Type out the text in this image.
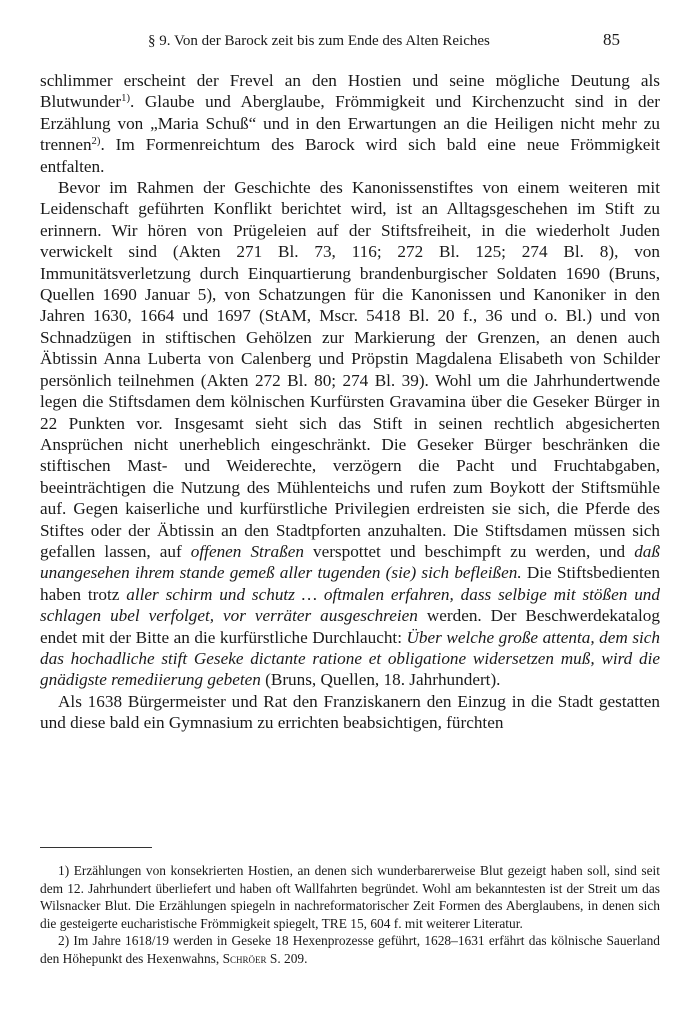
§ 9. Von der Barock zeit bis zum Ende des Alten Reiches	85

schlimmer erscheint der Frevel an den Hostien und seine mögliche Deutung als Blutwunder$^{1)}$. Glaube und Aberglaube, Frömmigkeit und Kirchenzucht sind in der Erzählung von „Maria Schuß“ und in den Erwartungen an die Heiligen nicht mehr zu trennen$^{2)}$. Im Formenreichtum des Barock wird sich bald eine neue Frömmigkeit entfalten.

Bevor im Rahmen der Geschichte des Kanonissenstiftes von einem weiteren mit Leidenschaft geführten Konflikt berichtet wird, ist an Alltagsgeschehen im Stift zu erinnern. Wir hören von Prügeleien auf der Stiftsfreiheit, in die wiederholt Juden verwickelt sind (Akten 271 Bl. 73, 116; 272 Bl. 125; 274 Bl. 8), von Immunitätsverletzung durch Einquartierung brandenburgischer Soldaten 1690 (Bruns, Quellen 1690 Januar 5), von Schatzungen für die Kanonissen und Kanoniker in den Jahren 1630, 1664 und 1697 (StAM, Mscr. 5418 Bl. 20 f., 36 und o. Bl.) und von Schnadzügen in stiftischen Gehölzen zur Markierung der Grenzen, an denen auch Äbtissin Anna Luberta von Calenberg und Pröpstin Magdalena Elisabeth von Schilder persönlich teilnehmen (Akten 272 Bl. 80; 274 Bl. 39). Wohl um die Jahrhundertwende legen die Stiftsdamen dem kölnischen Kurfürsten Gravamina über die Geseker Bürger in 22 Punkten vor. Insgesamt sieht sich das Stift in seinen rechtlich abgesicherten Ansprüchen nicht unerheblich eingeschränkt. Die Geseker Bürger beschränken die stiftischen Mast- und Weiderechte, verzögern die Pacht und Fruchtabgaben, beeinträchtigen die Nutzung des Mühlenteichs und rufen zum Boykott der Stiftsmühle auf. Gegen kaiserliche und kurfürstliche Privilegien erdreisten sie sich, die Pferde des Stiftes oder der Äbtissin an den Stadtpforten anzuhalten. Die Stiftsdamen müssen sich gefallen lassen, auf offenen Straßen verspottet und beschimpft zu werden, und daß unangesehen ihrem stande gemeß aller tugenden (sie) sich befleißen. Die Stiftsbedienten haben trotz aller schirm und schutz … oftmalen erfahren, dass selbige mit stößen und schlagen ubel verfolget, vor verräter ausgeschreien werden. Der Beschwerdekatalog endet mit der Bitte an die kurfürstliche Durchlaucht: Über welche große attenta, dem sich das hochadliche stift Geseke dictante ratione et obligatione widersetzen muß, wird die gnädigste remediierung gebeten (Bruns, Quellen, 18. Jahrhundert).

Als 1638 Bürgermeister und Rat den Franziskanern den Einzug in die Stadt gestatten und diese bald ein Gymnasium zu errichten beabsichtigen, fürchten

1) Erzählungen von konsekrierten Hostien, an denen sich wunderbarerweise Blut gezeigt haben soll, sind seit dem 12. Jahrhundert überliefert und haben oft Wallfahrten begründet. Wohl am bekanntesten ist der Streit um das Wilsnacker Blut. Die Erzählungen spiegeln in nachreformatorischer Zeit Formen des Aberglaubens, in denen sich die gesteigerte eucharistische Frömmigkeit spiegelt, TRE 15, 604 f. mit weiterer Literatur.

2) Im Jahre 1618/19 werden in Geseke 18 Hexenprozesse geführt, 1628–1631 erfährt das kölnische Sauerland den Höhepunkt des Hexenwahns, Schröer S. 209.
